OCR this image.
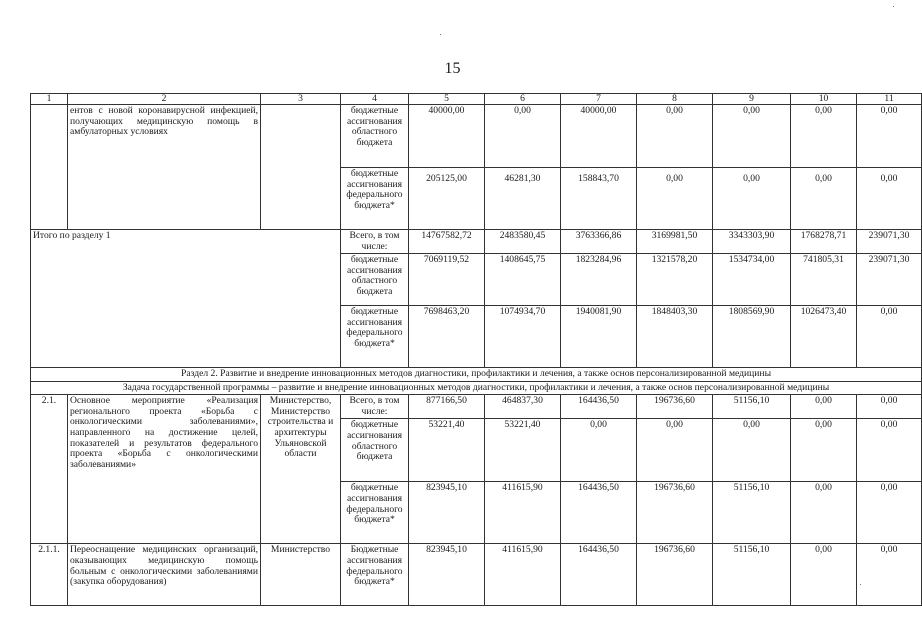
15
1	2	3	4	5	6	7	8	9	10	11
	ентов с новой коронавирусной инфекцией, получающих медицинскую помощь в амбулаторных условиях		бюджетные ассигнования областного бюджета	40000,00	0,00	40000,00	0,00	0,00	0,00	0,00
			бюджетные ассигнования федерального бюджета*	205125,00	46281,30	158843,70	0,00	0,00	0,00	0,00
Итого по разделу 1			Всего, в том числе:	14767582,72	2483580,45	3763366,86	3169981,50	3343303,90	1768278,71	239071,30
			бюджетные ассигнования областного бюджета	7069119,52	1408645,75	1823284,96	1321578,20	1534734,00	741805,31	239071,30
			бюджетные ассигнования федерального бюджета*	7698463,20	1074934,70	1940081,90	1848403,30	1808569,90	1026473,40	0,00
Раздел 2. Развитие и внедрение инновационных методов диагностики, профилактики и лечения, а также основ персонализированной медицины										
Задача государственной программы – развитие и внедрение инновационных методов диагностики, профилактики и лечения, а также основ персонализированной медицины										
2.1.	Основное мероприятие «Реализация регионального проекта «Борьба с онкологическими заболеваниями», направленного на достижение целей, показателей и результатов федерального проекта «Борьба с онкологическими заболеваниями»	Министерство, Министерство строительства и архитектуры Ульяновской области	Всего, в том числе:	877166,50	464837,30	164436,50	196736,60	51156,10	0,00	0,00
			бюджетные ассигнования областного бюджета	53221,40	53221,40	0,00	0,00	0,00	0,00	0,00
			бюджетные ассигнования федерального бюджета*	823945,10	411615,90	164436,50	196736,60	51156,10	0,00	0,00
2.1.1.	Переоснащение медицинских организаций, оказывающих медицинскую помощь больным с онкологическими заболеваниями (закупка оборудования)	Министерство	Бюджетные ассигнования федерального бюджета*	823945,10	411615,90	164436,50	196736,60	51156,10	0,00	0,00
